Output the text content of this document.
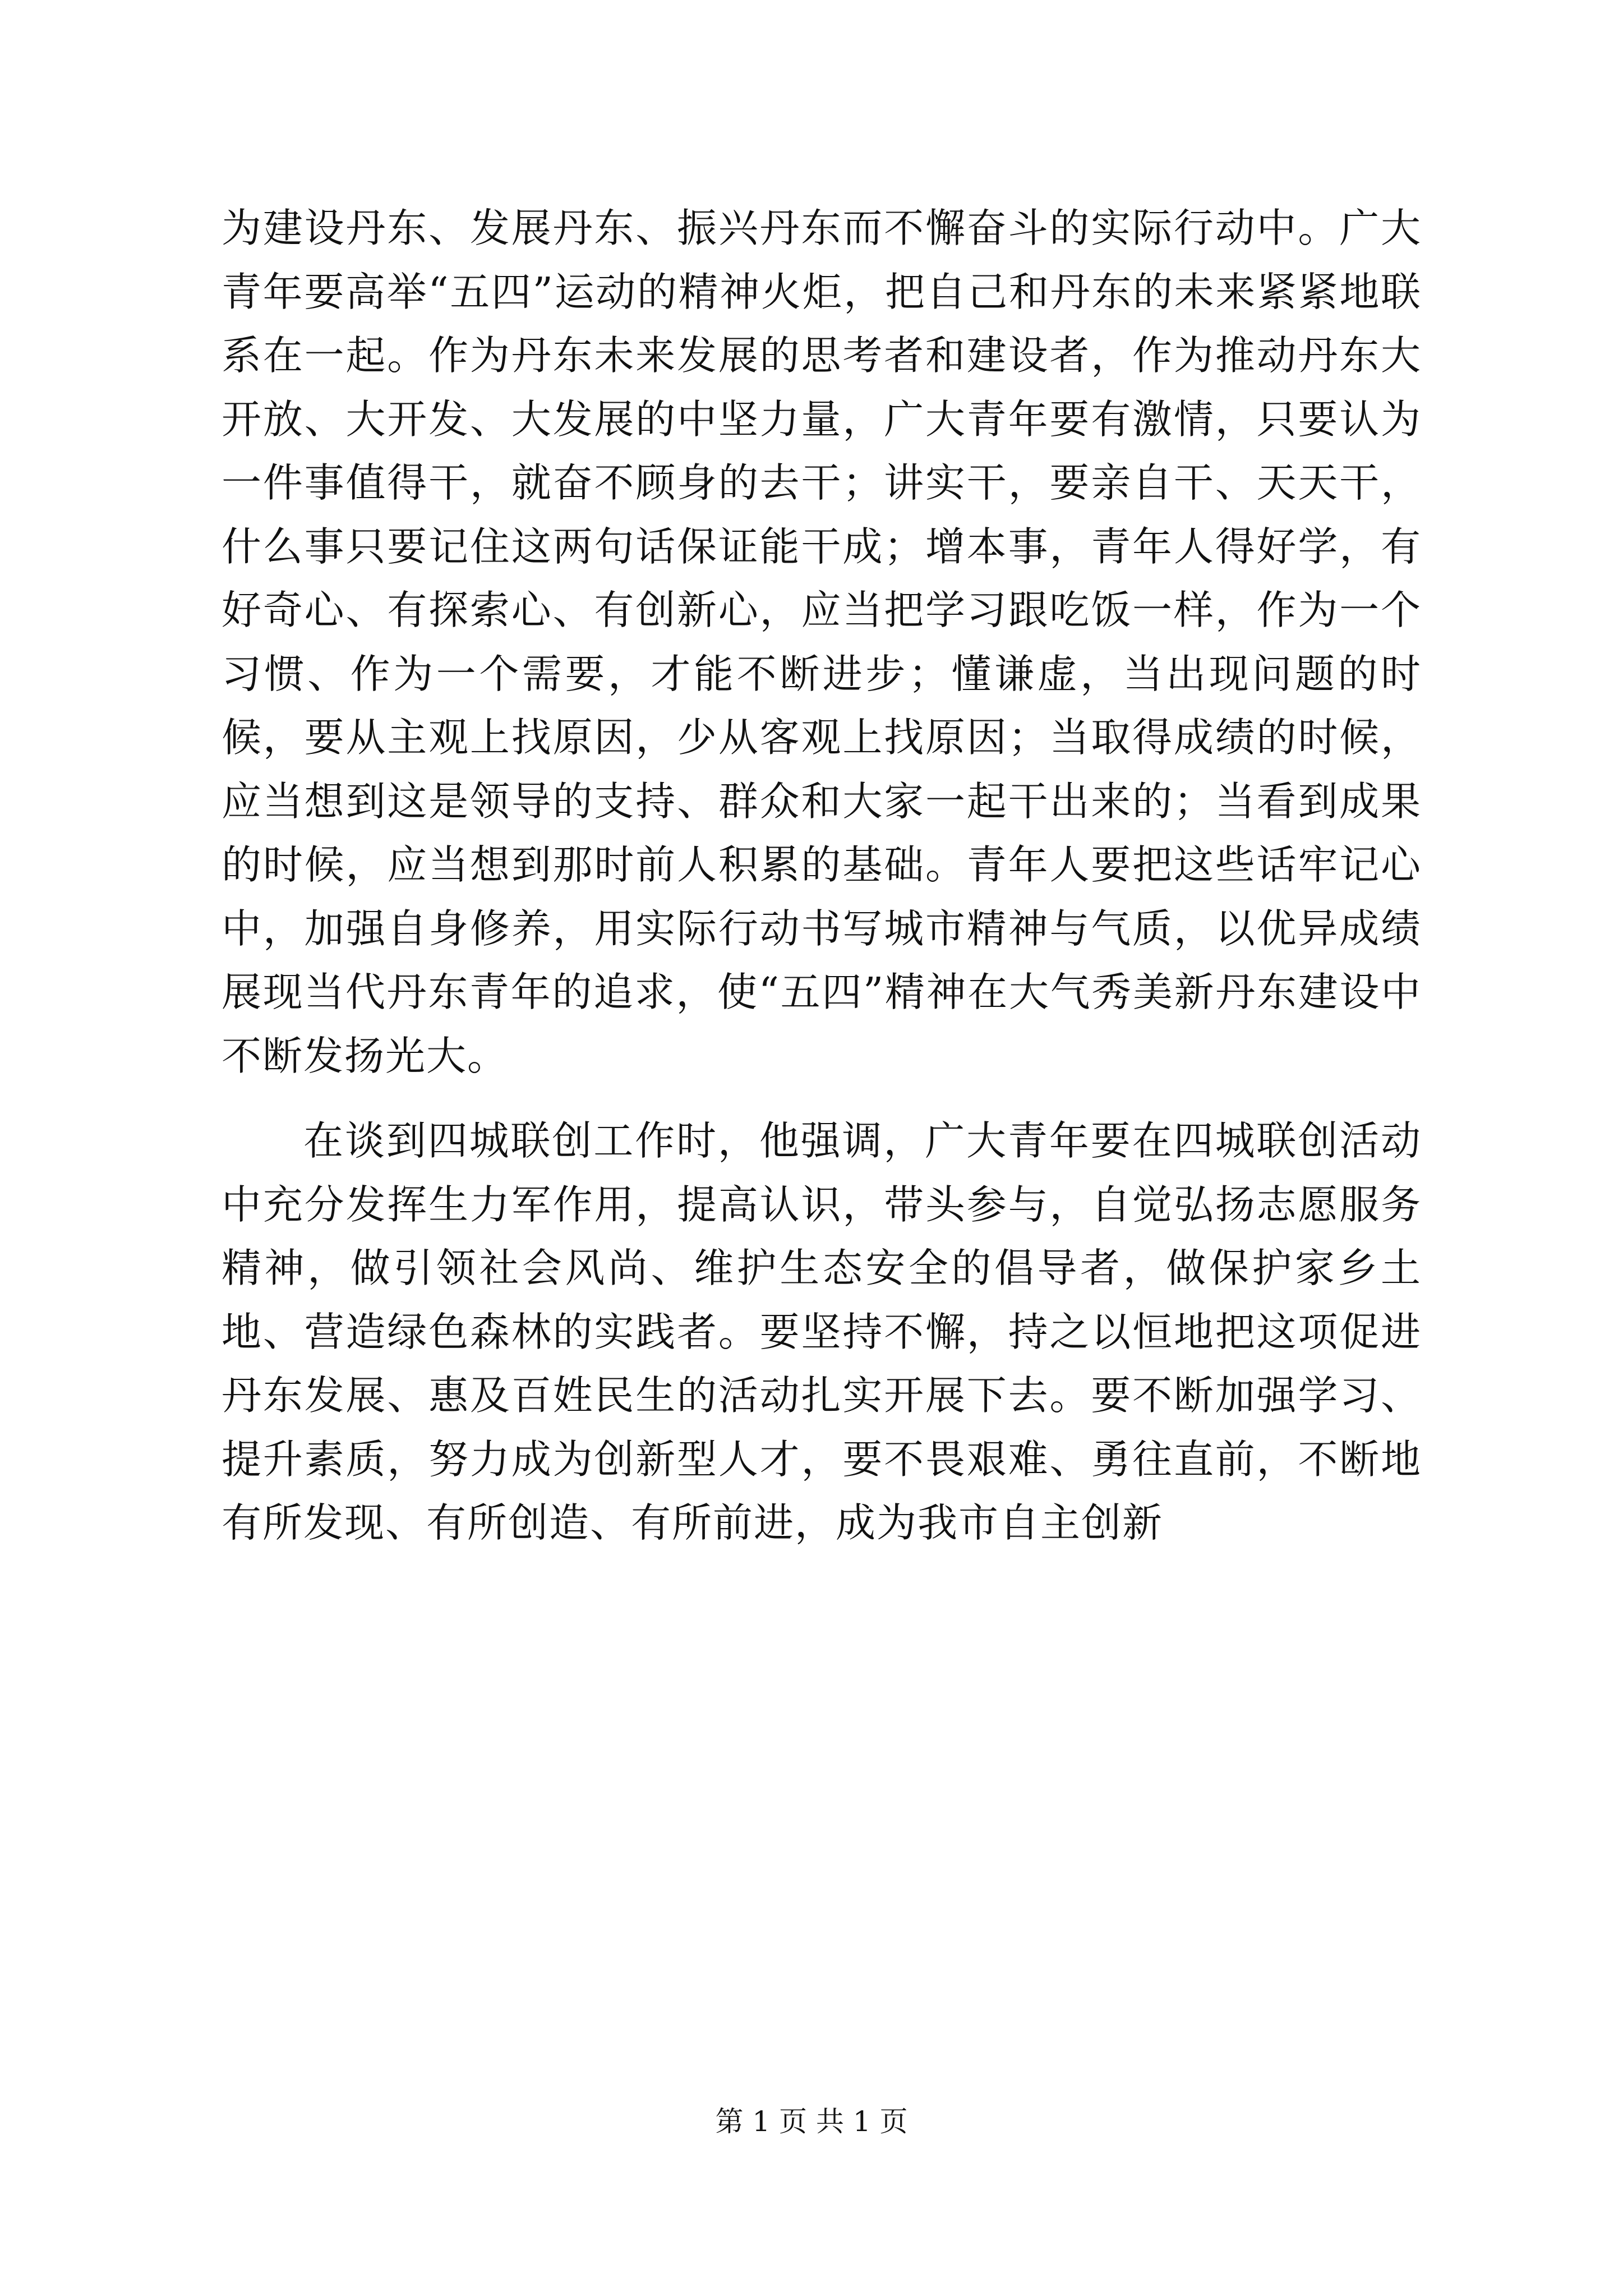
为建设丹东、发展丹东、振兴丹东而不懈奋斗的实际行动中。广大青年要高举“五四”运动的精神火炬，把自己和丹东的未来紧紧地联系在一起。作为丹东未来发展的思考者和建设者，作为推动丹东大开放、大开发、大发展的中坚力量，广大青年要有激情，只要认为一件事值得干，就奋不顾身的去干；讲实干，要亲自干、天天干，什么事只要记住这两句话保证能干成；增本事，青年人得好学，有好奇心、有探索心、有创新心，应当把学习跟吃饭一样，作为一个习惯、作为一个需要，才能不断进步；懂谦虚，当出现问题的时候，要从主观上找原因，少从客观上找原因；当取得成绩的时候，应当想到这是领导的支持、群众和大家一起干出来的；当看到成果的时候，应当想到那时前人积累的基础。青年人要把这些话牢记心中，加强自身修养，用实际行动书写城市精神与气质，以优异成绩展现当代丹东青年的追求，使“五四”精神在大气秀美新丹东建设中不断发扬光大。

在谈到四城联创工作时，他强调，广大青年要在四城联创活动中充分发挥生力军作用，提高认识，带头参与，自觉弘扬志愿服务精神，做引领社会风尚、维护生态安全的倡导者，做保护家乡土地、营造绿色森林的实践者。要坚持不懈，持之以恒地把这项促进丹东发展、惠及百姓民生的活动扎实开展下去。要不断加强学习、提升素质，努力成为创新型人才，要不畏艰难、勇往直前，不断地有所发现、有所创造、有所前进，成为我市自主创新

第 1 页 共 1 页
